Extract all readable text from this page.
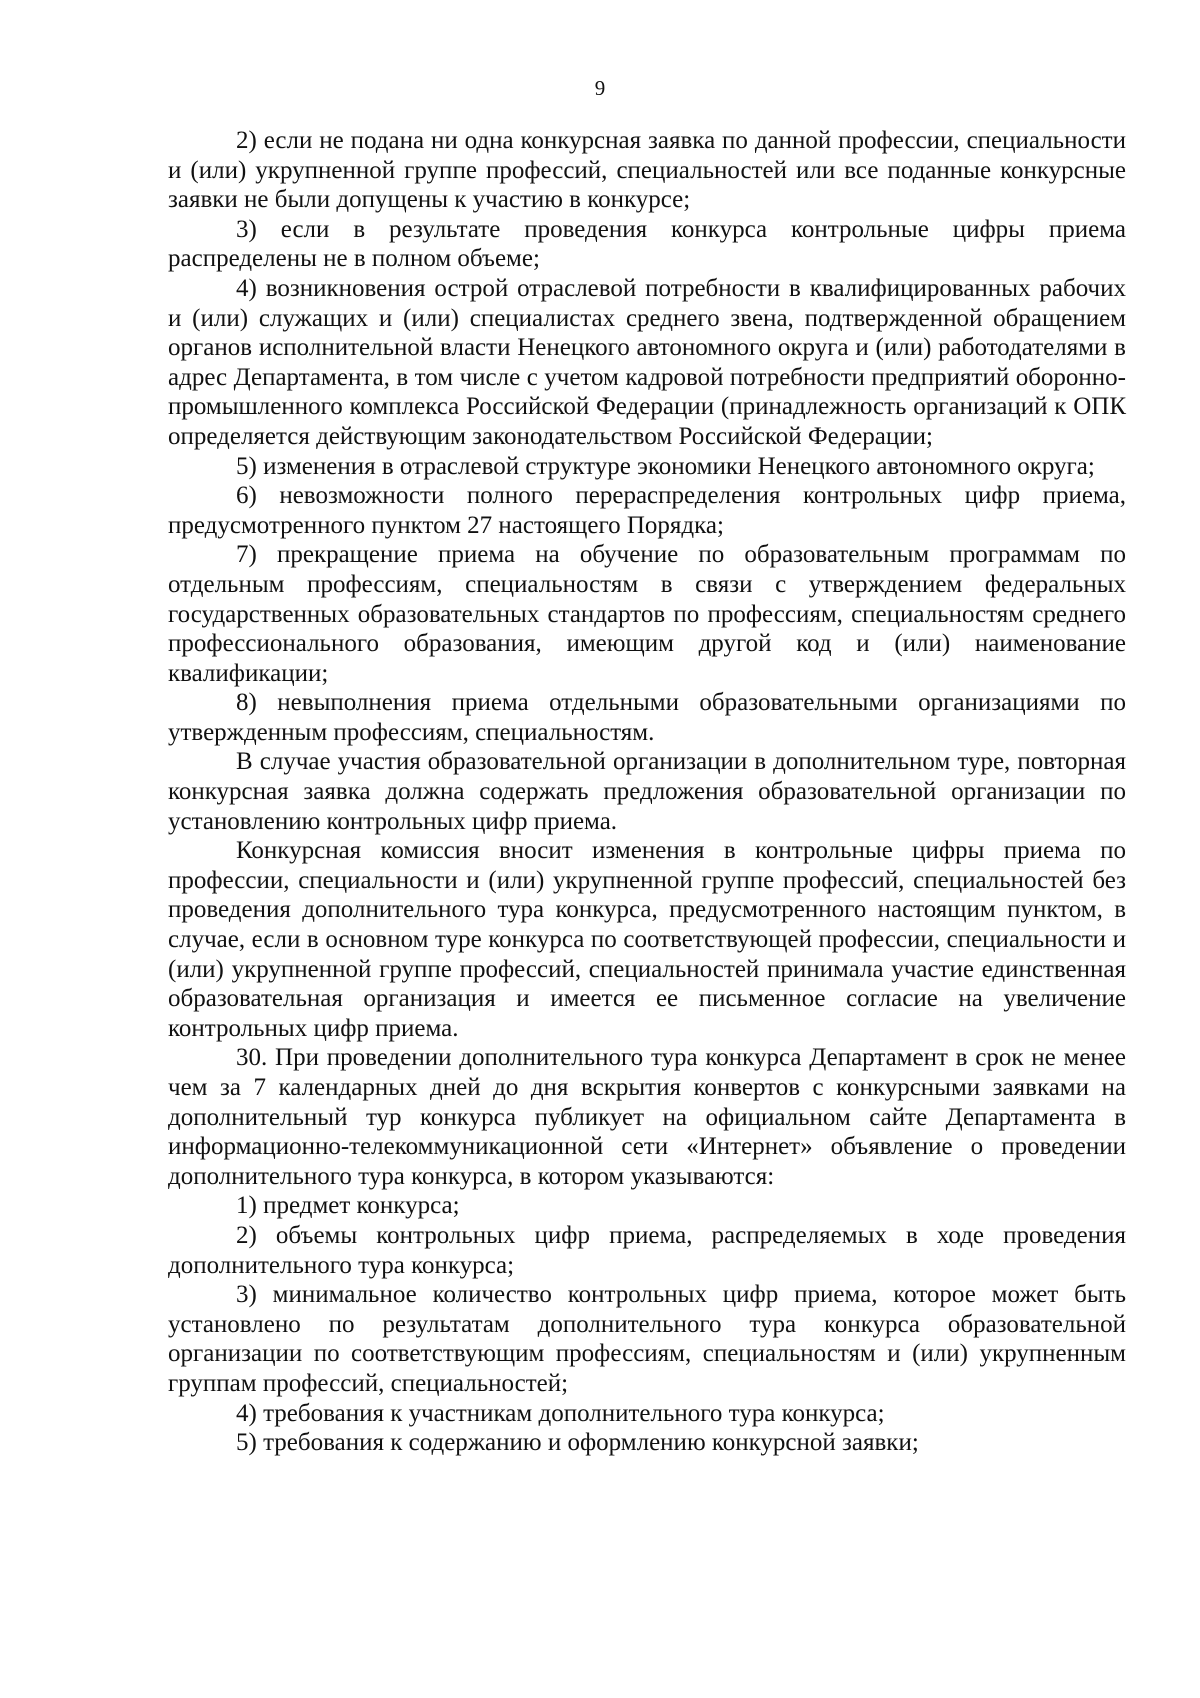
9

2) если не подана ни одна конкурсная заявка по данной профессии, специальности и (или) укрупненной группе профессий, специальностей или все поданные конкурсные заявки не были допущены к участию в конкурсе;

3) если в результате проведения конкурса контрольные цифры приема распределены не в полном объеме;

4) возникновения острой отраслевой потребности в квалифицированных рабочих и (или) служащих и (или) специалистах среднего звена, подтвержденной обращением органов исполнительной власти Ненецкого автономного округа и (или) работодателями в адрес Департамента, в том числе с учетом кадровой потребности предприятий оборонно-промышленного комплекса Российской Федерации (принадлежность организаций к ОПК определяется действующим законодательством Российской Федерации;

5) изменения в отраслевой структуре экономики Ненецкого автономного округа;

6) невозможности полного перераспределения контрольных цифр приема, предусмотренного пунктом 27 настоящего Порядка;

7) прекращение приема на обучение по образовательным программам по отдельным профессиям, специальностям в связи с утверждением федеральных государственных образовательных стандартов по профессиям, специальностям среднего профессионального образования, имеющим другой код и (или) наименование квалификации;

8) невыполнения приема отдельными образовательными организациями по утвержденным профессиям, специальностям.

В случае участия образовательной организации в дополнительном туре, повторная конкурсная заявка должна содержать предложения образовательной организации по установлению контрольных цифр приема.

Конкурсная комиссия вносит изменения в контрольные цифры приема по профессии, специальности и (или) укрупненной группе профессий, специальностей без проведения дополнительного тура конкурса, предусмотренного настоящим пунктом, в случае, если в основном туре конкурса по соответствующей профессии, специальности и (или) укрупненной группе профессий, специальностей принимала участие единственная образовательная организация и имеется ее письменное согласие на увеличение контрольных цифр приема.

30. При проведении дополнительного тура конкурса Департамент в срок не менее чем за 7 календарных дней до дня вскрытия конвертов с конкурсными заявками на дополнительный тур конкурса публикует на официальном сайте Департамента в информационно-телекоммуникационной сети «Интернет» объявление о проведении дополнительного тура конкурса, в котором указываются:

1) предмет конкурса;

2) объемы контрольных цифр приема, распределяемых в ходе проведения дополнительного тура конкурса;

3) минимальное количество контрольных цифр приема, которое может быть установлено по результатам дополнительного тура конкурса образовательной организации по соответствующим профессиям, специальностям и (или) укрупненным группам профессий, специальностей;

4) требования к участникам дополнительного тура конкурса;

5) требования к содержанию и оформлению конкурсной заявки;
